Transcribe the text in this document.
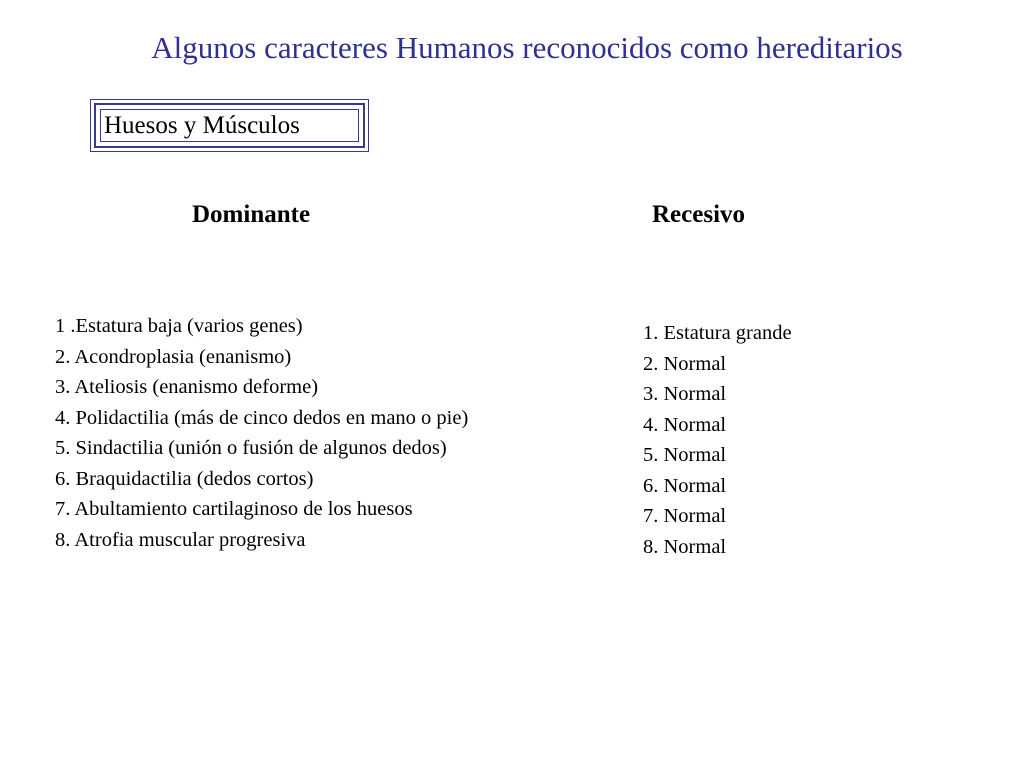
Algunos caracteres Humanos reconocidos como hereditarios
Huesos y Músculos
Dominante	Recesivo
1 .Estatura baja (varios genes)
2. Acondroplasia (enanismo)
3. Ateliosis (enanismo deforme)
4. Polidactilia (más de cinco dedos en mano o pie)
5. Sindactilia (unión o fusión de algunos dedos)
6. Braquidactilia (dedos cortos)
7. Abultamiento cartilaginoso de los huesos
8. Atrofia muscular progresiva
1. Estatura grande
2. Normal
3. Normal
4. Normal
5. Normal
6. Normal
7. Normal
8. Normal
